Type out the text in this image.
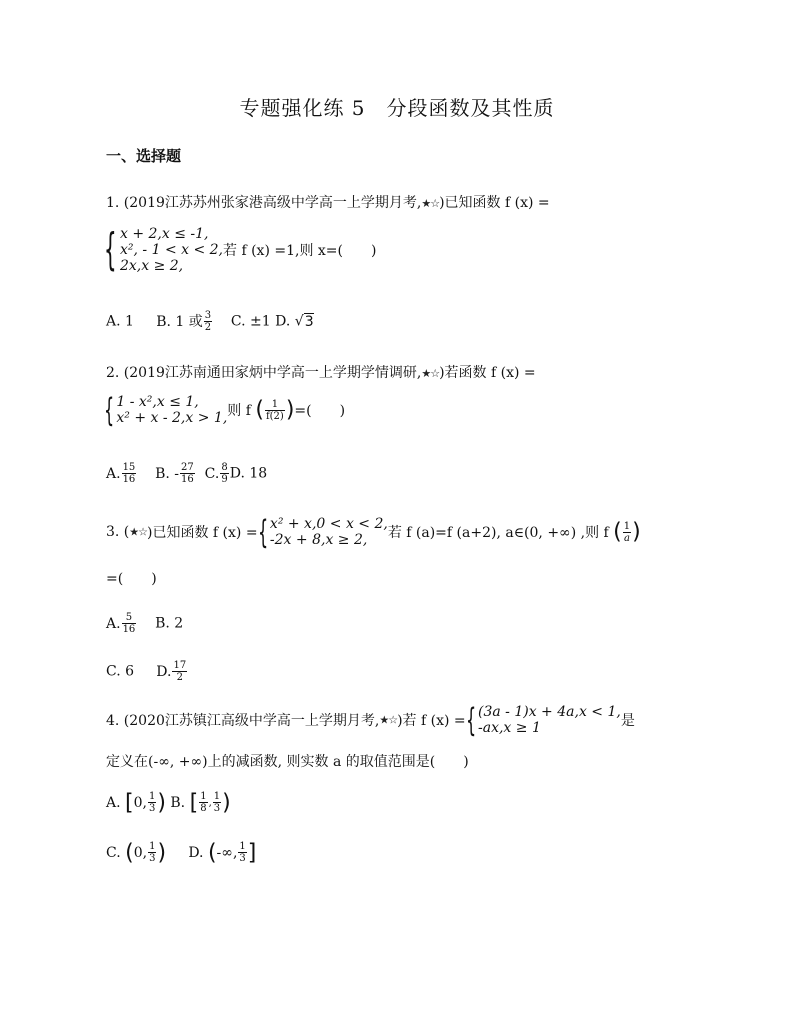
专题强化练 5　分段函数及其性质
一、选择题
1. (2019江苏苏州张家港高级中学高一上学期月考,★☆)已知函数 f (x) =
{ x + 2,x ≤ -1,
x², - 1 < x < 2,
2x,x ≥ 2,
若 f (x) =1,则 x=(　　)
A. 1 B. 1 或 $\frac{3}{2} C$. ±1 D. √3
2. (2019江苏南通田家炳中学高一上学期学情调研,★☆)若函数 f (x) =
{ 1 - x²,x ≤ 1,
x² + x - 2,x > 1, 则 f ( $\frac{1}{f(2)}$ )=(　　)
A. $\frac{15}{16} B$. - $\frac{27}{16} C$. $\frac{8}{9} D$. 18
3. (★☆)已知函数 f (x) ={ x² + x,0 < x < 2,
-2x + 8,x ≥ 2,	若 f (a)=f (a+2), a∈(0, +∞) ,则 f ( $\frac{1}{a}$ )
=(　　)
A. $\frac{5}{16} B$. 2
C. 6 D. $\frac{17}{2}$
4. (2020江苏镇江高级中学高一上学期月考,★☆)若 f (x) ={ (3a - 1)x + 4a,x < 1,
-ax,x ≥ 1	是
定义在(-∞, +∞)上的减函数, 则实数 a 的取值范围是(　　)
A. [0, $\frac{1}{3}$ ) B. [ $\frac{1}{8}$ , $\frac{1}{3}$ )
C. (0, $\frac{1}{3}$ ) D. (-∞, $\frac{1}{3}$ ]
